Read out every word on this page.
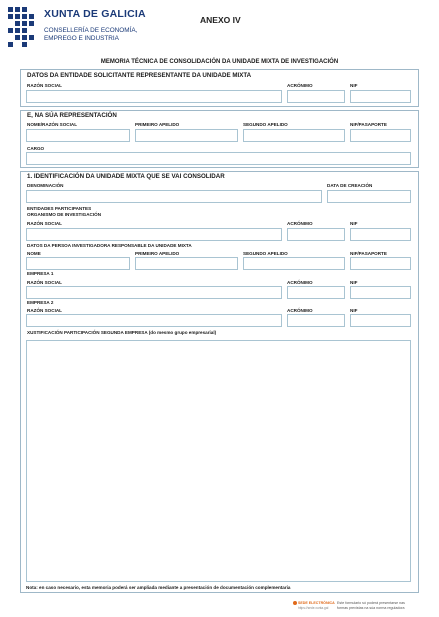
XUNTA DE GALICIA
CONSELLERÍA DE ECONOMÍA,
EMPREGO E INDUSTRIA
ANEXO IV
MEMORIA TÉCNICA DE CONSOLIDACIÓN DA UNIDADE MIXTA DE INVESTIGACIÓN
DATOS DA ENTIDADE SOLICITANTE REPRESENTANTE DA UNIDADE MIXTA
RAZÓN SOCIAL	ACRÓNIMO	NIF
E, NA SÚA REPRESENTACIÓN
NOME/RAZÓN SOCIAL	PRIMEIRO APELIDO	SEGUNDO APELIDO	NIF/PASAPORTE
CARGO
1. IDENTIFICACIÓN DA UNIDADE MIXTA QUE SE VAI CONSOLIDAR
DENOMINACIÓN	DATA DE CREACIÓN
ENTIDADES PARTICIPANTES
ORGANISMO DE INVESTIGACIÓN
RAZÓN SOCIAL	ACRÓNIMO	NIF
DATOS DA PERSOA INVESTIGADORA RESPONSABLE DA UNIDADE MIXTA
NOME	PRIMEIRO APELIDO	SEGUNDO APELIDO	NIF/PASAPORTE
EMPRESA 1
RAZÓN SOCIAL	ACRÓNIMO	NIF
EMPRESA 2
RAZÓN SOCIAL	ACRÓNIMO	NIF
XUSTIFICACIÓN PARTICIPACIÓN SEGUNDA EMPRESA (do mesmo grupo empresarial)
Nota: en caso necesario, esta memoria poderá ser ampliada mediante a presentación de documentación complementaria
SEDE ELECTRÓNICA Este formulario só poderá presentarse nas
https://sede.xunta.gal formas previstas na súa norma reguladora
